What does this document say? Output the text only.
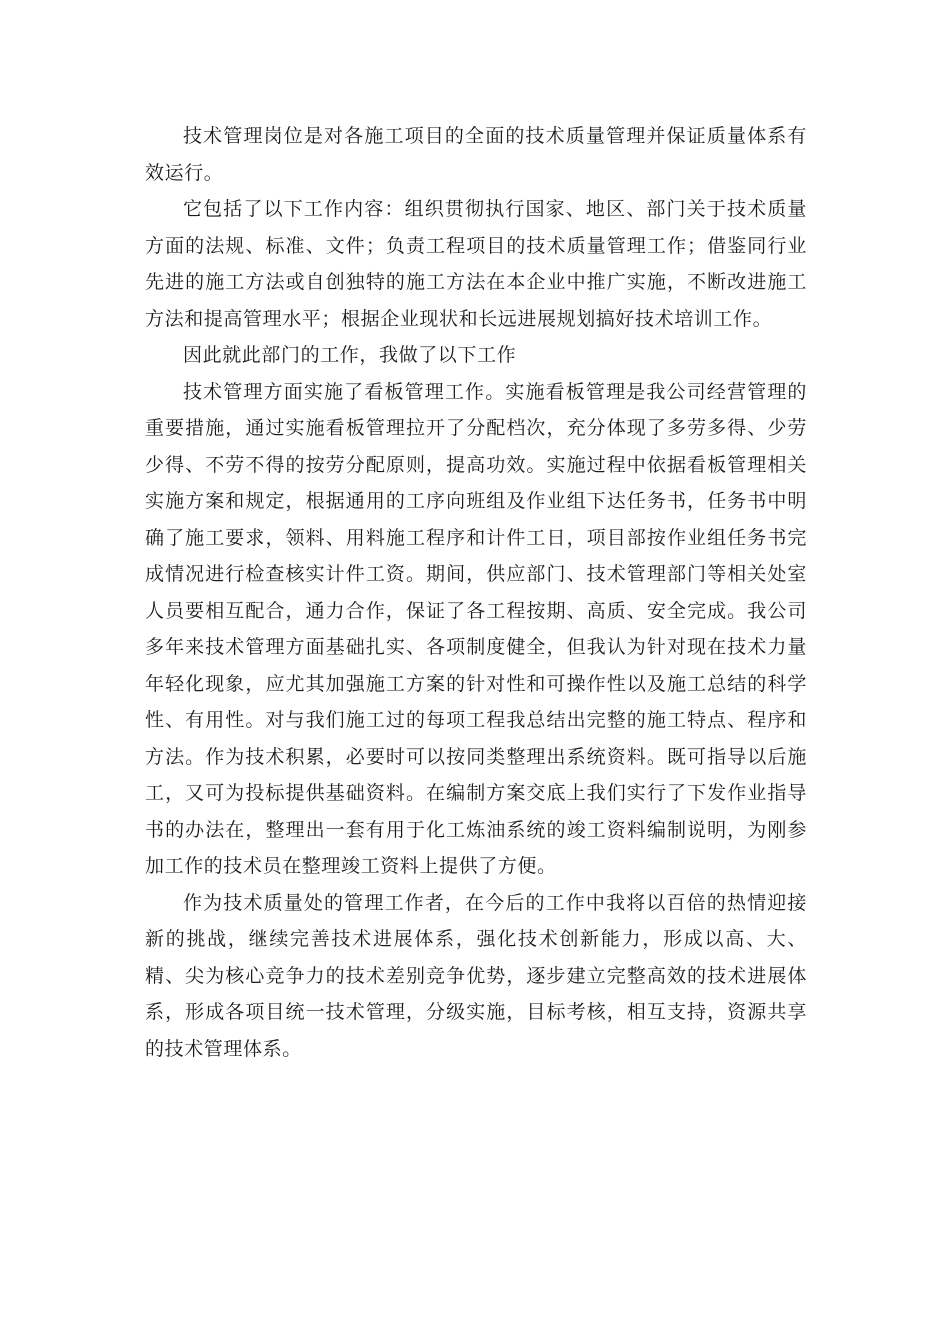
技术管理岗位是对各施工项目的全面的技术质量管理并保证质量体系有效运行。

它包括了以下工作内容：组织贯彻执行国家、地区、部门关于技术质量方面的法规、标准、文件；负责工程项目的技术质量管理工作；借鉴同行业先进的施工方法或自创独特的施工方法在本企业中推广实施，不断改进施工方法和提高管理水平；根据企业现状和长远进展规划搞好技术培训工作。

因此就此部门的工作，我做了以下工作

技术管理方面实施了看板管理工作。实施看板管理是我公司经营管理的重要措施，通过实施看板管理拉开了分配档次，充分体现了多劳多得、少劳少得、不劳不得的按劳分配原则，提高功效。实施过程中依据看板管理相关实施方案和规定，根据通用的工序向班组及作业组下达任务书，任务书中明确了施工要求，领料、用料施工程序和计件工日，项目部按作业组任务书完成情况进行检查核实计件工资。期间，供应部门、技术管理部门等相关处室人员要相互配合，通力合作，保证了各工程按期、高质、安全完成。我公司多年来技术管理方面基础扎实、各项制度健全，但我认为针对现在技术力量年轻化现象，应尤其加强施工方案的针对性和可操作性以及施工总结的科学性、有用性。对与我们施工过的每项工程我总结出完整的施工特点、程序和方法。作为技术积累，必要时可以按同类整理出系统资料。既可指导以后施工，又可为投标提供基础资料。在编制方案交底上我们实行了下发作业指导书的办法在，整理出一套有用于化工炼油系统的竣工资料编制说明，为刚参加工作的技术员在整理竣工资料上提供了方便。

作为技术质量处的管理工作者，在今后的工作中我将以百倍的热情迎接新的挑战，继续完善技术进展体系，强化技术创新能力，形成以高、大、精、尖为核心竞争力的技术差别竞争优势，逐步建立完整高效的技术进展体系，形成各项目统一技术管理，分级实施，目标考核，相互支持，资源共享的技术管理体系。
